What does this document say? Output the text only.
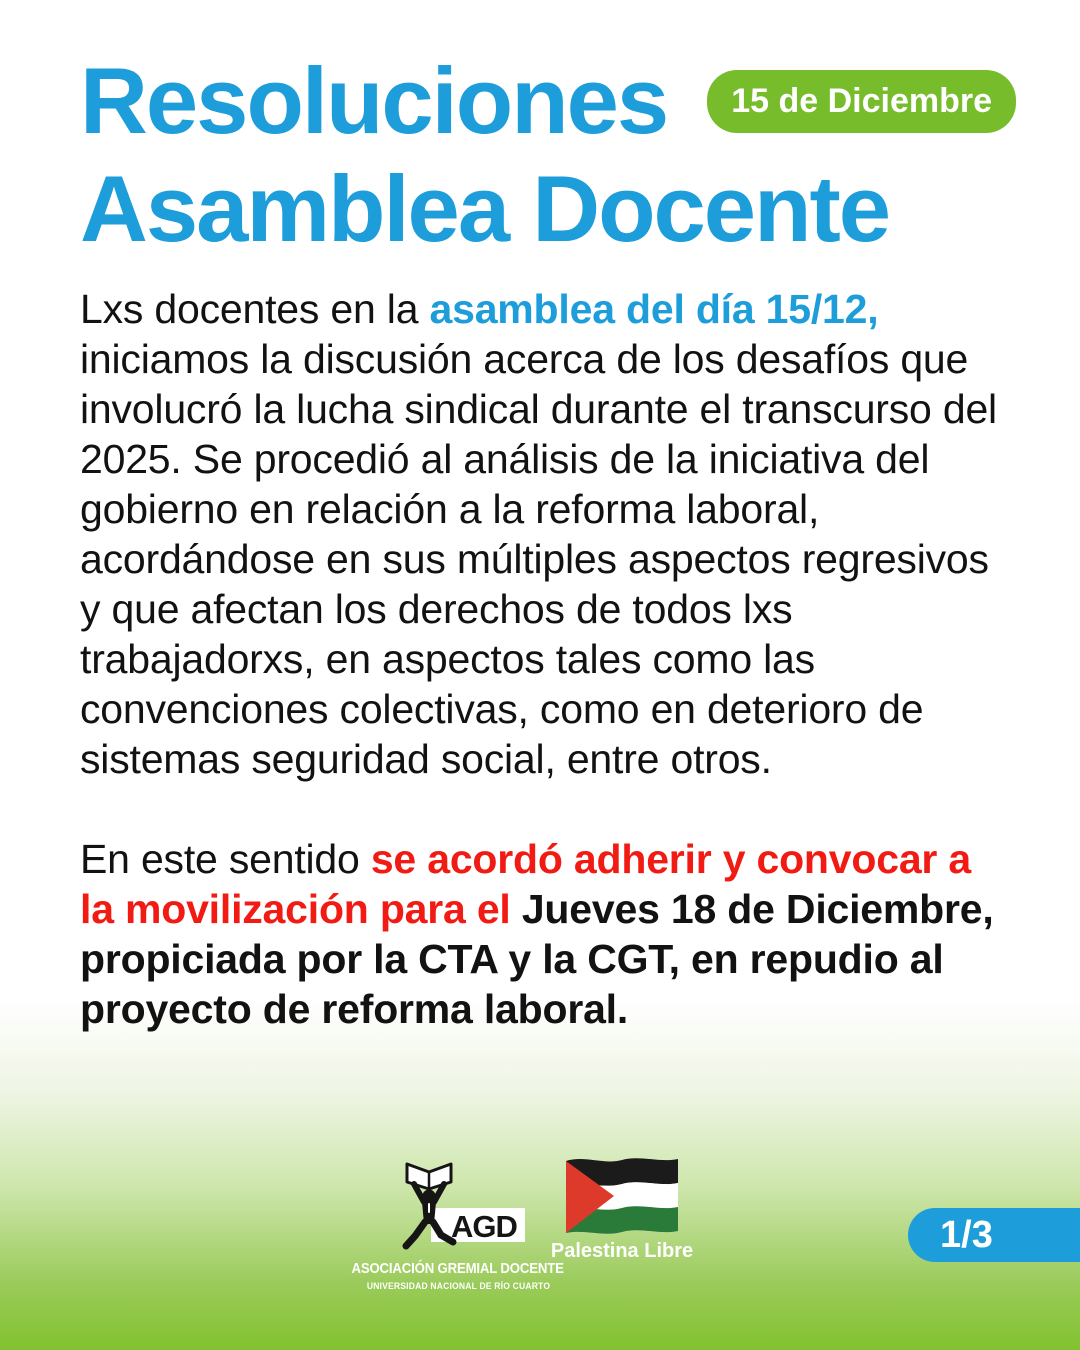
Resoluciones	15 de Diciembre
Asamblea Docente

Lxs docentes en la asamblea del día 15/12, iniciamos la discusión acerca de los desafíos que involucró la lucha sindical durante el transcurso del 2025. Se procedió al análisis de la iniciativa del gobierno en relación a la reforma laboral, acordándose en sus múltiples aspectos regresivos y que afectan los derechos de todos lxs trabajadorxs, en aspectos tales como las convenciones colectivas, como en deterioro de sistemas seguridad social, entre otros.

En este sentido se acordó adherir y convocar a la movilización para el Jueves 18 de Diciembre, propiciada por la CTA y la CGT, en repudio al proyecto de reforma laboral.

AGD
ASOCIACIÓN GREMIAL DOCENTE
UNIVERSIDAD NACIONAL DE RÍO CUARTO
Palestina Libre	1/3
